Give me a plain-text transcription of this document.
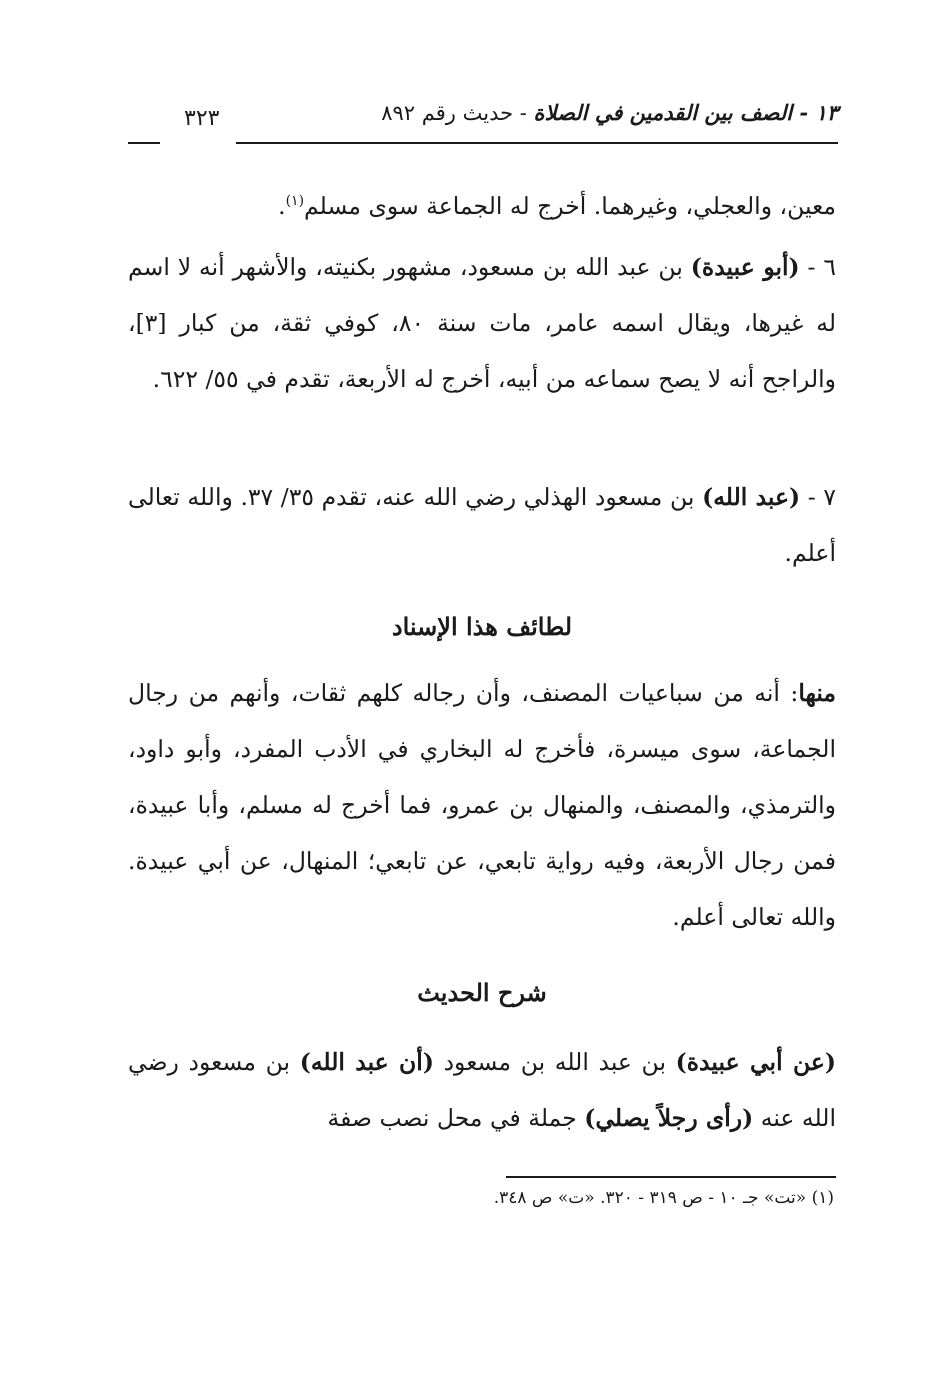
١٣ - الصف بين القدمين في الصلاة - حديث رقم ٨٩٢
٣٢٣
معين، والعجلي، وغيرهما. أخرج له الجماعة سوى مسلم$^{(١)}$.
٦ - (أبو عبيدة) بن عبد الله بن مسعود، مشهور بكنيته، والأشهر أنه لا اسم له غيرها، ويقال اسمه عامر، مات سنة ٨٠، كوفي ثقة، من كبار [٣]، والراجح أنه لا يصح سماعه من أبيه، أخرج له الأربعة، تقدم في ٥٥/ ٦٢٢.
٧ - (عبد الله) بن مسعود الهذلي رضي الله عنه، تقدم ٣٥/ ٣٧. والله تعالى أعلم.
لطائف هذا الإسناد
منها: أنه من سباعيات المصنف، وأن رجاله كلهم ثقات، وأنهم من رجال الجماعة، سوى ميسرة، فأخرج له البخاري في الأدب المفرد، وأبو داود، والترمذي، والمصنف، والمنهال بن عمرو، فما أخرج له مسلم، وأبا عبيدة، فمن رجال الأربعة، وفيه رواية تابعي، عن تابعي؛ المنهال، عن أبي عبيدة. والله تعالى أعلم.
شرح الحديث
(عن أبي عبيدة) بن عبد الله بن مسعود (أن عبد الله) بن مسعود رضي الله عنه (رأى رجلاً يصلي) جملة في محل نصب صفة
(١) «تت» جـ ١٠ - ص ٣١٩ - ٣٢٠. «ت» ص ٣٤٨.
